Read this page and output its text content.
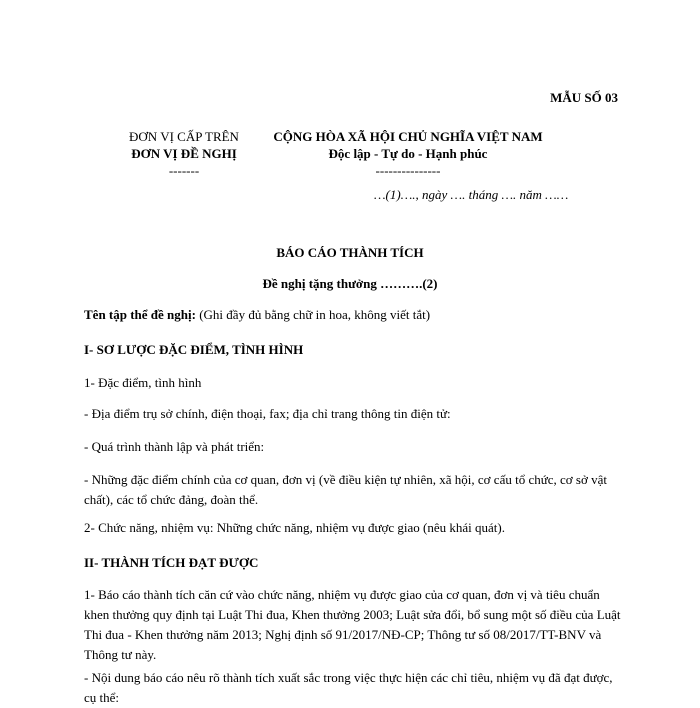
MẪU SỐ 03
ĐƠN VỊ CẤP TRÊN
ĐƠN VỊ ĐỀ NGHỊ
-------
CỘNG HÒA XÃ HỘI CHỦ NGHĨA VIỆT NAM
Độc lập - Tự do - Hạnh phúc
---------------
…(1)…., ngày …. tháng …. năm ……
BÁO CÁO THÀNH TÍCH
Đề nghị tặng thưởng ……….(2)
Tên tập thể đề nghị: (Ghi đầy đủ bằng chữ in hoa, không viết tắt)
I- SƠ LƯỢC ĐẶC ĐIỂM, TÌNH HÌNH
1- Đặc điểm, tình hình
- Địa điểm trụ sở chính, điện thoại, fax; địa chỉ trang thông tin điện tử:
- Quá trình thành lập và phát triển:
- Những đặc điểm chính của cơ quan, đơn vị (về điều kiện tự nhiên, xã hội, cơ cấu tổ chức, cơ sở vật chất), các tổ chức đảng, đoàn thể.
2- Chức năng, nhiệm vụ: Những chức năng, nhiệm vụ được giao (nêu khái quát).
II- THÀNH TÍCH ĐẠT ĐƯỢC
1- Báo cáo thành tích căn cứ vào chức năng, nhiệm vụ được giao của cơ quan, đơn vị và tiêu chuẩn khen thưởng quy định tại Luật Thi đua, Khen thưởng 2003; Luật sửa đổi, bổ sung một số điều của Luật Thi đua - Khen thưởng năm 2013; Nghị định số 91/2017/NĐ-CP; Thông tư số 08/2017/TT-BNV và Thông tư này.
- Nội dung báo cáo nêu rõ thành tích xuất sắc trong việc thực hiện các chỉ tiêu, nhiệm vụ đã đạt được, cụ thể:
